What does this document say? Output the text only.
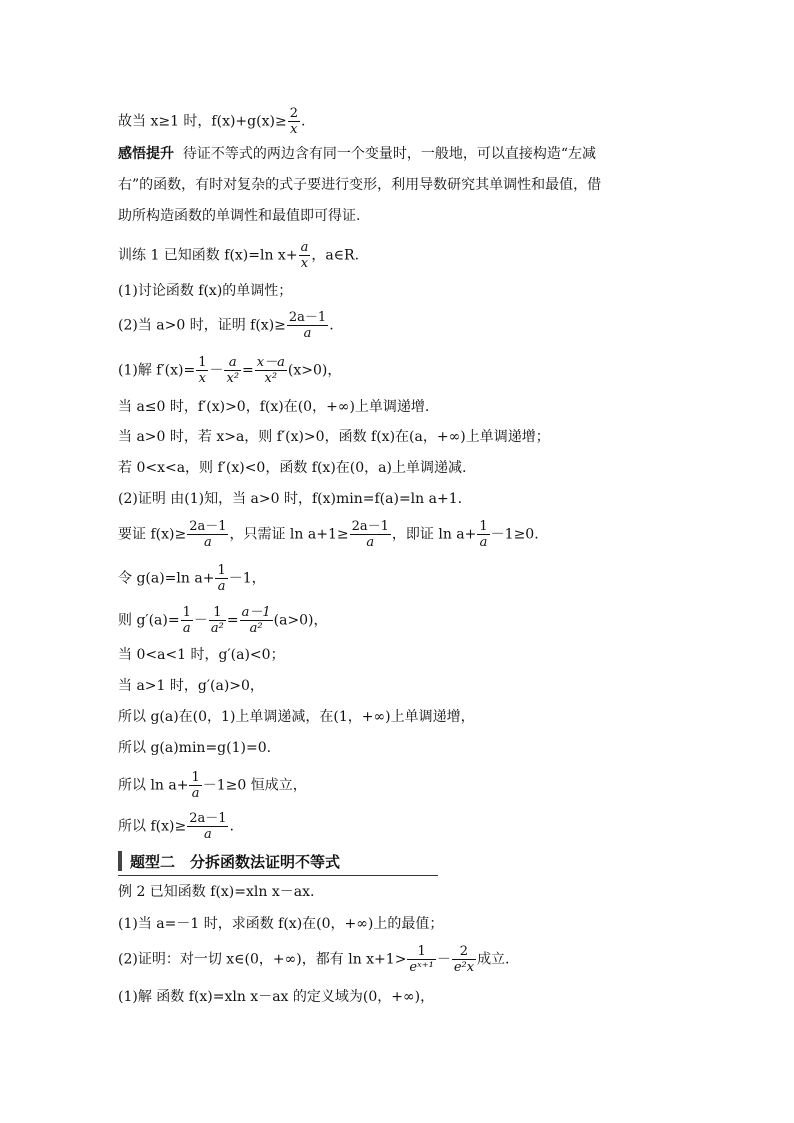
故当 x≥1 时，$f(x)+g(x)\ge \frac{2}{x}$ .
感悟提升 待证不等式的两边含有同一个变量时，一般地，可以直接构造“左减
右”的函数，有时对复杂的式子要进行变形，利用导数研究其单调性和最值，借
助所构造函数的单调性和最值即可得证.
训练 1 已知函数 f(x)=ln $x+ \frac{a}{x}$ ，a∈R.
(1)讨论函数 f(x)的单调性；
(2)当 a>0 时，证明 $f(x)\ge \frac{2a-1}{a}$ .
(1)解 $f'(x)= \frac{1}{x} - \frac{a}{\text{x²}} = \frac{x-a}{\text{x²}} (x>0)$，
当 a≤0 时，f′(x)>0，f(x)在(0，+∞)上单调递增.
当 a>0 时，若 x>a，则 f′(x)>0，函数 f(x)在(a，+∞)上单调递增；
若 0<x<a，则 f′(x)<0，函数 f(x)在(0，a)上单调递减.
(2)证明 由(1)知，当 a>0 时，f(x)min=f(a)=ln a+1.
要证 $f(x)\ge \frac{2a-1}{a}$ ，只需证 $\ln a+1\ge \frac{2a-1}{a}$ ，即证 $\ln a+ \frac{1}{a} -1\ge 0$.
令 g(a)=ln $a+ \frac{1}{a} -1$，
则 $g'(a)= \frac{1}{a} - \frac{1}{\text{a²}} = \frac{a-1}{\text{a²}} (a>0)$，
当 0<a<1 时，g′(a)<0；
当 a>1 时，g′(a)>0，
所以 g(a)在(0，1)上单调递减，在(1，+∞)上单调递增，
所以 g(a)min=g(1)=0.
所以 $\ln a+ \frac{1}{a} -1\ge 0$ 恒成立，
所以 $f(x)\ge \frac{2a-1}{a}$ .
题型二　分拆函数法证明不等式
例 2 已知函数 f(x)=xln x－ax.
(1)当 a=－1 时，求函数 f(x)在(0，+∞)上的最值；
(2)证明：对一切 x∈(0，+∞)，都有 $\ln x+1> \frac{1}{\text{eˣ⁺¹}} - \frac{2}{\text{e²x}}$ 成立.
(1)解 函数 f(x)=xln x－ax 的定义域为(0，+∞)，
